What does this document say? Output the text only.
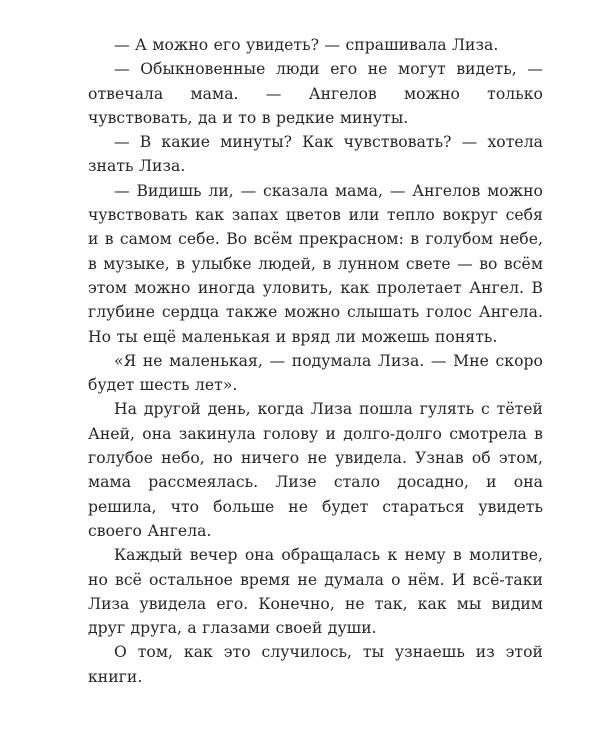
— А можно его увидеть? — спрашивала Лиза.

— Обыкновенные люди его не могут видеть, — отвечала мама. — Ангелов можно только чувствовать, да и то в редкие минуты.

— В какие минуты? Как чувствовать? — хотела знать Лиза.

— Видишь ли, — сказала мама, — Ангелов можно чувствовать как запах цветов или тепло вокруг себя и в самом себе. Во всём прекрасном: в голубом небе, в музыке, в улыбке людей, в лунном свете — во всём этом можно иногда уловить, как пролетает Ангел. В глубине сердца также можно слышать голос Ангела. Но ты ещё маленькая и вряд ли можешь понять.

«Я не маленькая, — подумала Лиза. — Мне скоро будет шесть лет».

На другой день, когда Лиза пошла гулять с тётей Аней, она закинула голову и долго-долго смотрела в голубое небо, но ничего не увидела. Узнав об этом, мама рассмеялась. Лизе стало досадно, и она решила, что больше не будет стараться увидеть своего Ангела.

Каждый вечер она обращалась к нему в молитве, но всё остальное время не думала о нём. И всё-таки Лиза увидела его. Конечно, не так, как мы видим друг друга, а глазами своей души.

О том, как это случилось, ты узнаешь из этой книги.
